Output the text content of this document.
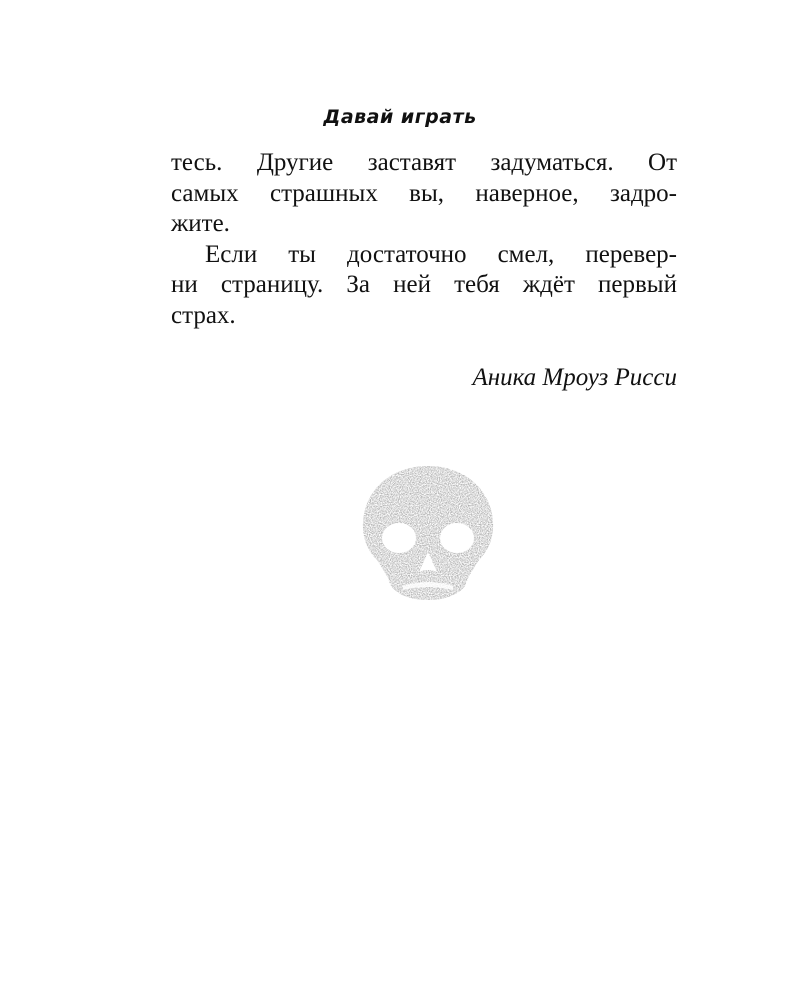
Давай играть
тесь. Другие заставят задуматься. От
самых страшных вы, наверное, задро-
жите.
Если ты достаточно смел, перевер-
ни страницу. За ней тебя ждёт первый
страх.
Аника Мроуз Рисси
